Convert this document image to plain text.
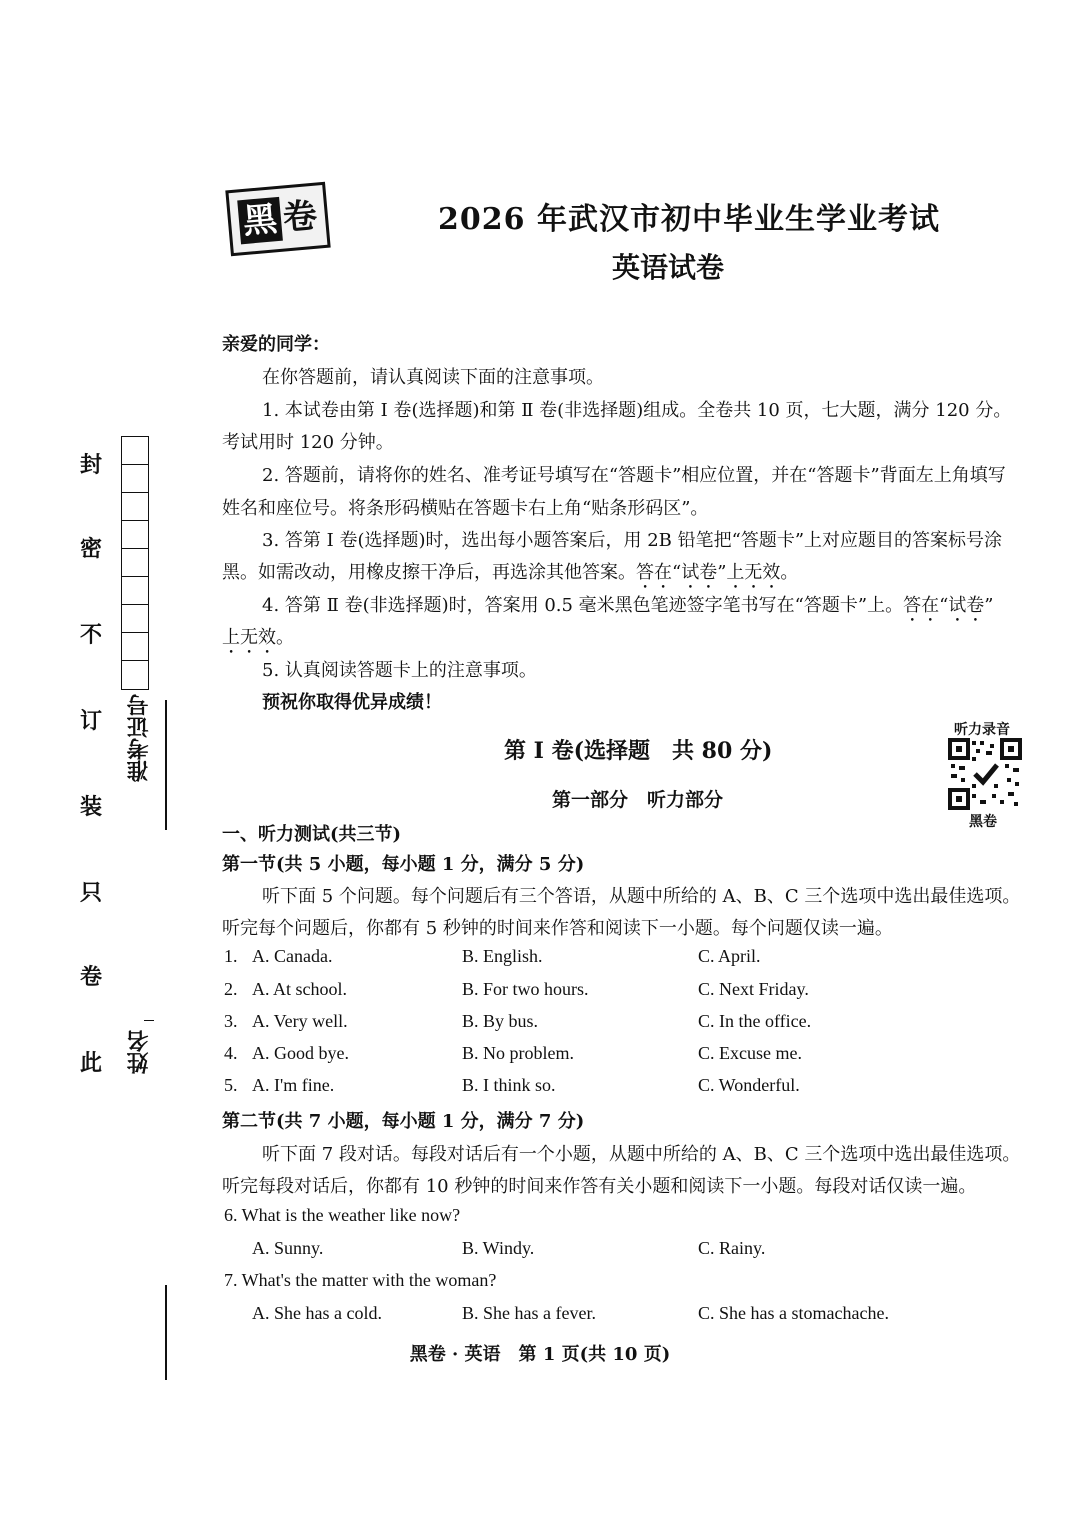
黑 卷	2026 年武汉市初中毕业生学业考试
英语试卷
亲爱的同学：
在你答题前，请认真阅读下面的注意事项。
1. 本试卷由第 Ⅰ 卷(选择题)和第 Ⅱ 卷(非选择题)组成。全卷共 10 页，七大题，满分 120 分。
考试用时 120 分钟。
2. 答题前，请将你的姓名、准考证号填写在“答题卡”相应位置，并在“答题卡”背面左上角填写
姓名和座位号。将条形码横贴在答题卡右上角“贴条形码区”。
3. 答第 Ⅰ 卷(选择题)时，选出每小题答案后，用 2B 铅笔把“答题卡”上对应题目的答案标号涂
黑。如需改动，用橡皮擦干净后，再选涂其他答案。答在“试卷”上无效。
4. 答第 Ⅱ 卷(非选择题)时，答案用 0.5 毫米黑色笔迹签字笔书写在“答题卡”上。答在“试卷”
上无效。
5. 认真阅读答题卡上的注意事项。
预祝你取得优异成绩！
封
密
不
订
装
只
卷
此
准考证号
姓名
第 Ⅰ 卷(选择题　共 80 分)
第一部分　听力部分
听力录音
黑卷
一、听力测试(共三节)
第一节(共 5 小题，每小题 1 分，满分 5 分)
听下面 5 个问题。每个问题后有三个答语，从题中所给的 A、B、C 三个选项中选出最佳选项。
听完每个问题后，你都有 5 秒钟的时间来作答和阅读下一小题。每个问题仅读一遍。
1. A. Canada.	B. English.	C. April.
2. A. At school.	B. For two hours.	C. Next Friday.
3. A. Very well.	B. By bus.	C. In the office.
4. A. Good bye.	B. No problem.	C. Excuse me.
5. A. I'm fine.	B. I think so.	C. Wonderful.
第二节(共 7 小题，每小题 1 分，满分 7 分)
听下面 7 段对话。每段对话后有一个小题，从题中所给的 A、B、C 三个选项中选出最佳选项。
听完每段对话后，你都有 10 秒钟的时间来作答有关小题和阅读下一小题。每段对话仅读一遍。
6. What is the weather like now?
A. Sunny.	B. Windy.	C. Rainy.
7. What's the matter with the woman?
A. She has a cold.	B. She has a fever.	C. She has a stomachache.
黑卷 · 英语　第 1 页(共 10 页)
